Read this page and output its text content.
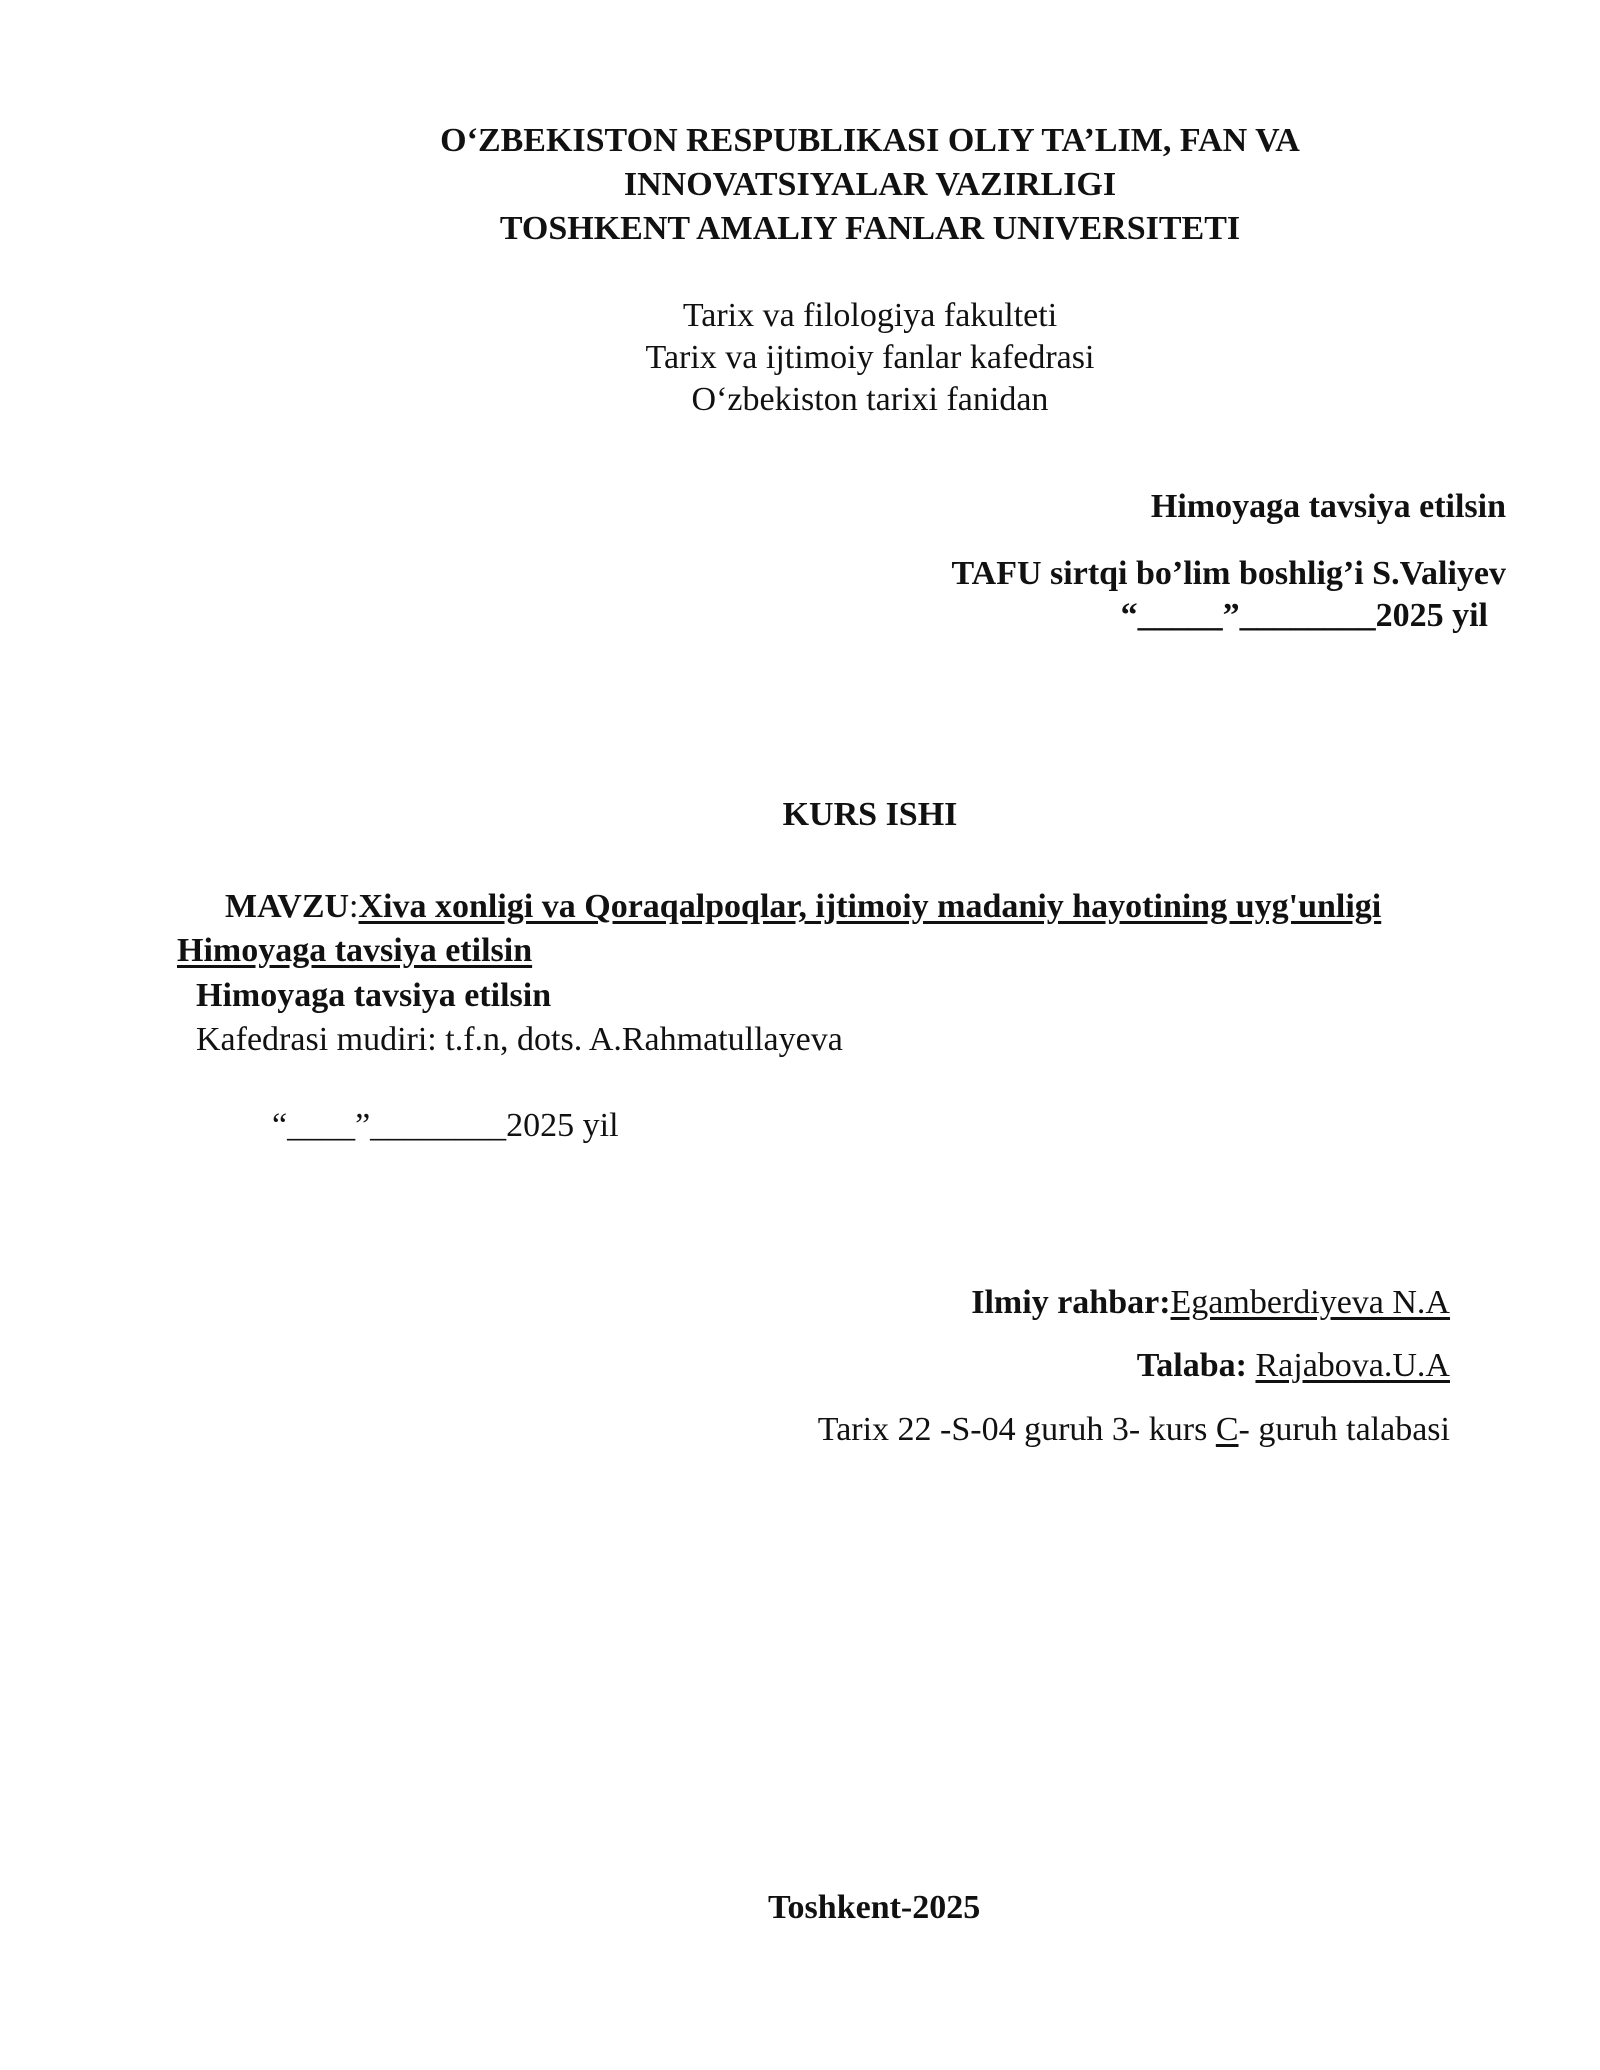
O‘ZBEKISTON RESPUBLIKASI OLIY TA’LIM, FAN VA
INNOVATSIYALAR VAZIRLIGI
TOSHKENT AMALIY FANLAR UNIVERSITETI
Tarix va filologiya fakulteti
Tarix va ijtimoiy fanlar kafedrasi
O‘zbekiston tarixi fanidan
Himoyaga tavsiya etilsin
TAFU sirtqi bo’lim boshlig’i S.Valiyev
“_____”________2025 yil
KURS ISHI
MAVZU:Xiva xonligi va Qoraqalpoqlar, ijtimoiy madaniy hayotining uyg'unligi
Himoyaga tavsiya etilsin
Himoyaga tavsiya etilsin
Kafedrasi mudiri: t.f.n, dots. A.Rahmatullayeva
“____”________2025 yil
Ilmiy rahbar:Egamberdiyeva N.A
Talaba: Rajabova.U.A
Tarix 22 -S-04 guruh 3- kurs C- guruh talabasi
Toshkent-2025
